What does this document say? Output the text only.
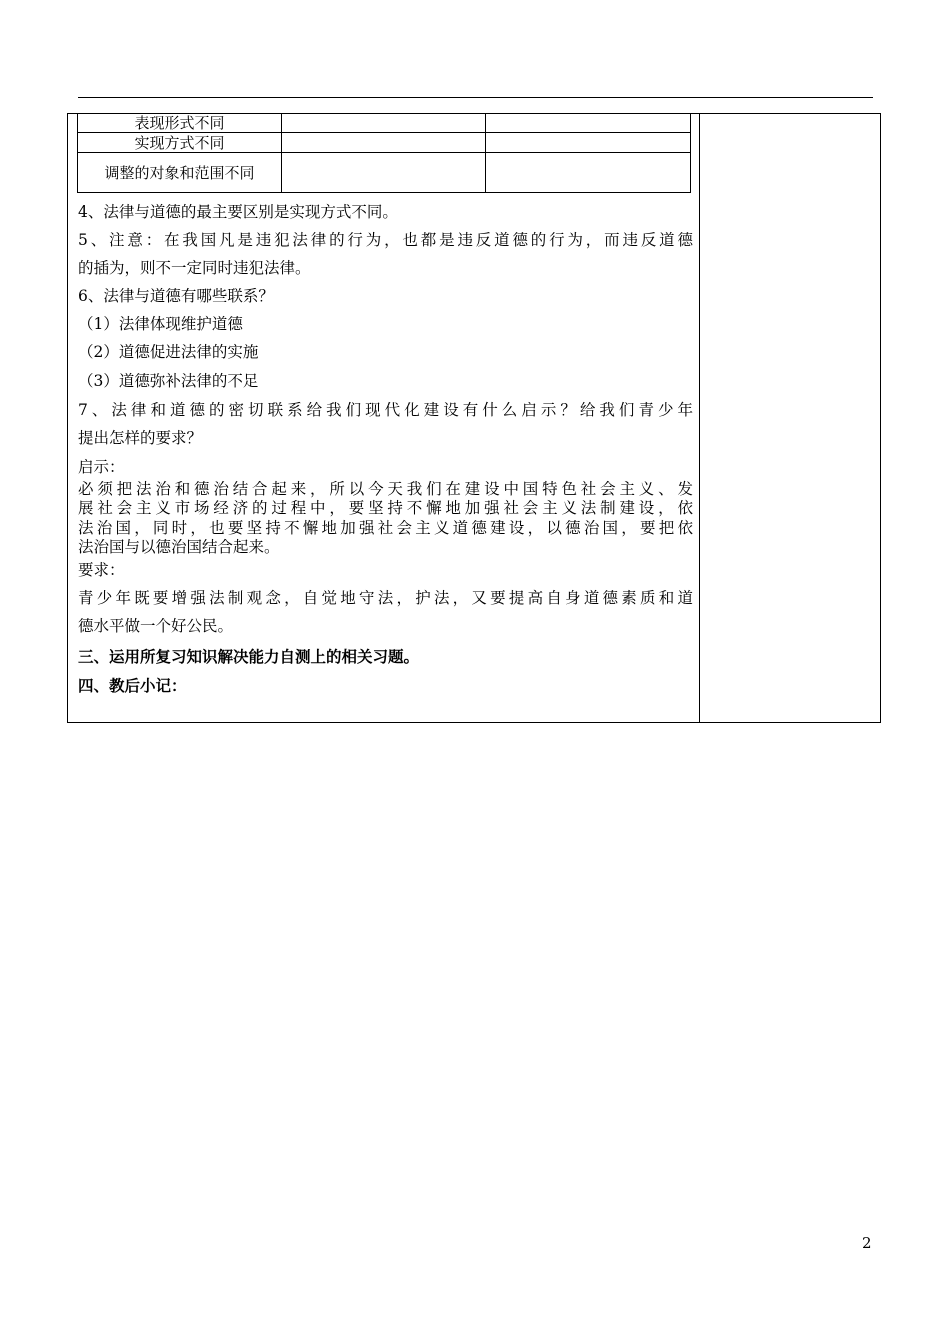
表现形式不同		
实现方式不同		
调整的对象和范围不同		
4、法律与道德的最主要区别是实现方式不同。
5、注意：在我国凡是违犯法律的行为，也都是违反道德的行为，而违反道德
的插为，则不一定同时违犯法律。
6、法律与道德有哪些联系？
（1）法律体现维护道德
（2）道德促进法律的实施
（3）道德弥补法律的不足
7、法律和道德的密切联系给我们现代化建设有什么启示？给我们青少年
提出怎样的要求？
启示：
必须把法治和德治结合起来，所以今天我们在建设中国特色社会主义、发
展社会主义市场经济的过程中，要坚持不懈地加强社会主义法制建设，依
法治国，同时，也要坚持不懈地加强社会主义道德建设，以德治国，要把依
法治国与以德治国结合起来。
要求：
青少年既要增强法制观念，自觉地守法，护法，又要提高自身道德素质和道
德水平做一个好公民。
三、运用所复习知识解决能力自测上的相关习题。
四、教后小记：
2
